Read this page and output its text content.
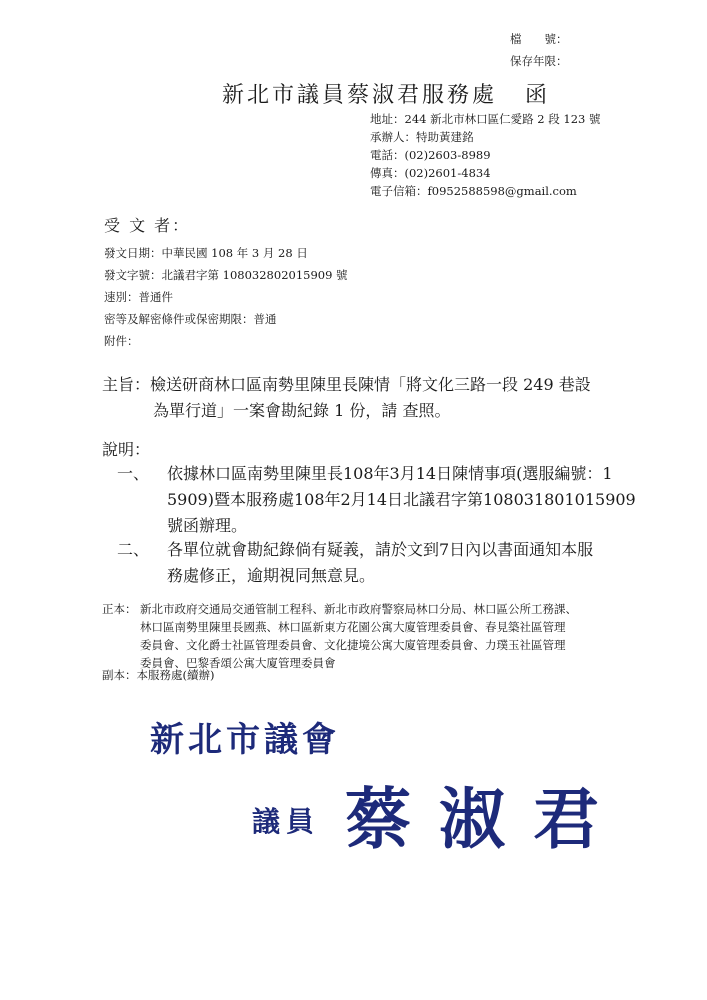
檔　　號：
保存年限：
新北市議員蔡淑君服務處 函
地址：244 新北市林口區仁愛路 2 段 123 號
承辦人：特助黃建銘
電話：(02)2603-8989
傳真：(02)2601-4834
電子信箱：f0952588598@gmail.com
受 文 者：
發文日期：中華民國 108 年 3 月 28 日
發文字號：北議君字第 108032802015909 號
速別：普通件
密等及解密條件或保密期限：普通
附件：
主旨：檢送研商林口區南勢里陳里長陳情「將文化三路一段 249 巷設
為單行道」一案會勘紀錄 1 份，請 查照。
說明：
一、 依據林口區南勢里陳里長108年3月14日陳情事項(選服編號：1
5909)暨本服務處108年2月14日北議君字第108031801015909
號函辦理。
二、 各單位就會勘紀錄倘有疑義，請於文到7日內以書面通知本服
務處修正，逾期視同無意見。
正本： 新北市政府交通局交通管制工程科、新北市政府警察局林口分局、林口區公所工務課、
林口區南勢里陳里長國燕、林口區新東方花園公寓大廈管理委員會、春見築社區管理
委員會、文化爵士社區管理委員會、文化捷境公寓大廈管理委員會、力璞玉社區管理
委員會、巴黎香頌公寓大廈管理委員會
副本：本服務處(續辦)
新北市議會
議員 蔡淑君
